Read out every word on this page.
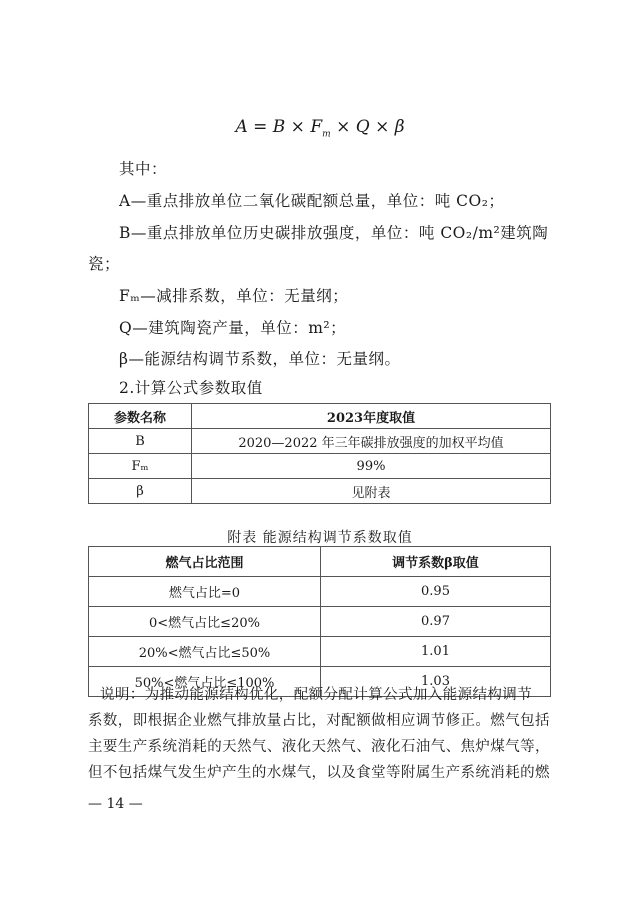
$A = B \times F_m \times Q \times \beta$
其中：
A—重点排放单位二氧化碳配额总量，单位：吨 CO₂；
B—重点排放单位历史碳排放强度，单位：吨 CO₂/m²建筑陶
瓷；
Fₘ—减排系数，单位：无量纲；
Q—建筑陶瓷产量，单位：m²；
β—能源结构调节系数，单位：无量纲。
2.计算公式参数取值
参数名称	2023年度取值
B	2020—2022 年三年碳排放强度的加权平均值
Fₘ	99%
β	见附表
附表 能源结构调节系数取值
燃气占比范围	调节系数β取值
燃气占比=0	0.95
0<燃气占比≤20%	0.97
20%<燃气占比≤50%	1.01
50%<燃气占比≤100%	1.03
说明：为推动能源结构优化，配额分配计算公式加入能源结构调节
系数，即根据企业燃气排放量占比，对配额做相应调节修正。燃气包括
主要生产系统消耗的天然气、液化天然气、液化石油气、焦炉煤气等，
但不包括煤气发生炉产生的水煤气，以及食堂等附属生产系统消耗的燃
— 14 —
